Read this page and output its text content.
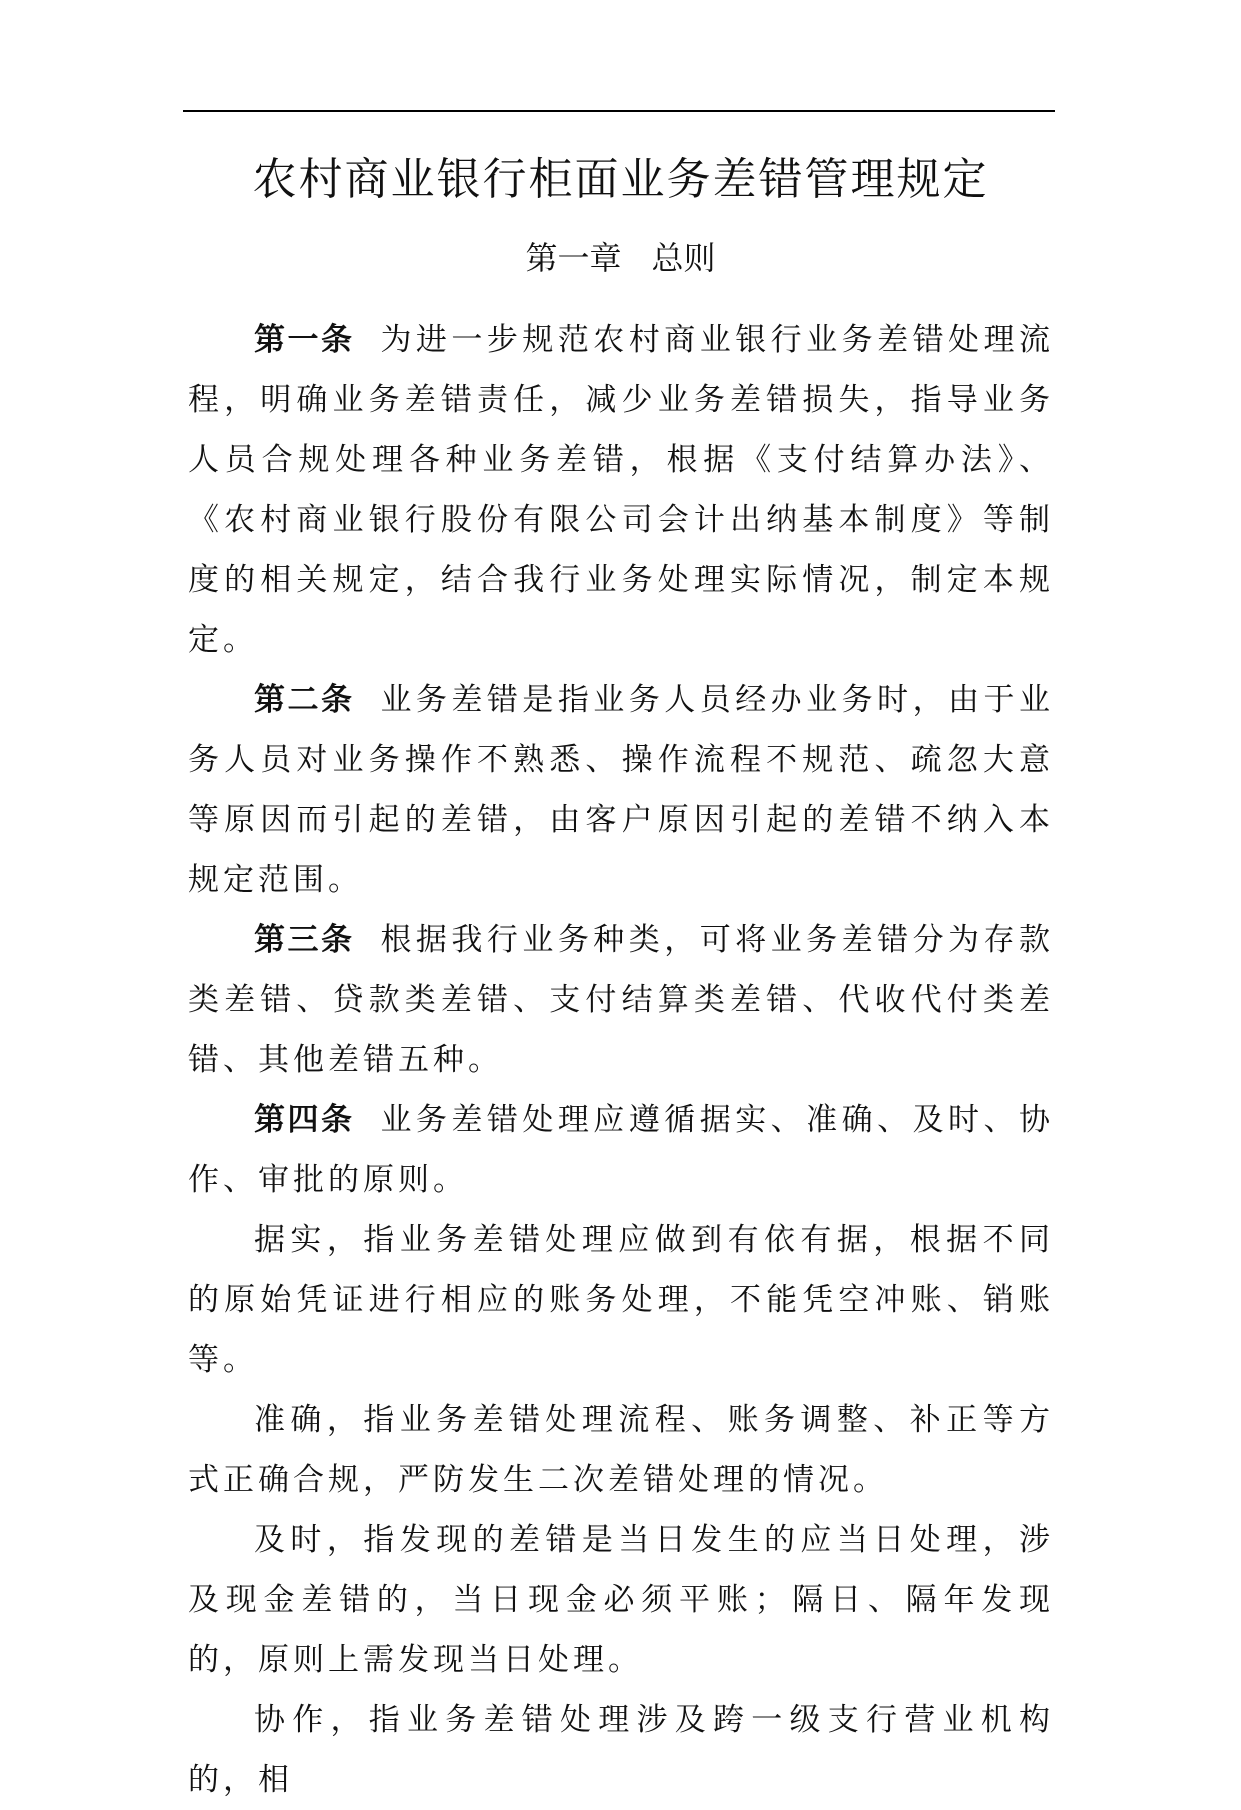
农村商业银行柜面业务差错管理规定
第一章 总则

第一条 为进一步规范农村商业银行业务差错处理流程，明确业务差错责任，减少业务差错损失，指导业务人员合规处理各种业务差错，根据《支付结算办法》、《农村商业银行股份有限公司会计出纳基本制度》等制度的相关规定，结合我行业务处理实际情况，制定本规定。

第二条 业务差错是指业务人员经办业务时，由于业务人员对业务操作不熟悉、操作流程不规范、疏忽大意等原因而引起的差错，由客户原因引起的差错不纳入本规定范围。

第三条 根据我行业务种类，可将业务差错分为存款类差错、贷款类差错、支付结算类差错、代收代付类差错、其他差错五种。

第四条 业务差错处理应遵循据实、准确、及时、协作、审批的原则。

据实，指业务差错处理应做到有依有据，根据不同的原始凭证进行相应的账务处理，不能凭空冲账、销账等。

准确，指业务差错处理流程、账务调整、补正等方式正确合规，严防发生二次差错处理的情况。

及时，指发现的差错是当日发生的应当日处理，涉及现金差错的，当日现金必须平账；隔日、隔年发现的，原则上需发现当日处理。

协作，指业务差错处理涉及跨一级支行营业机构的，相
